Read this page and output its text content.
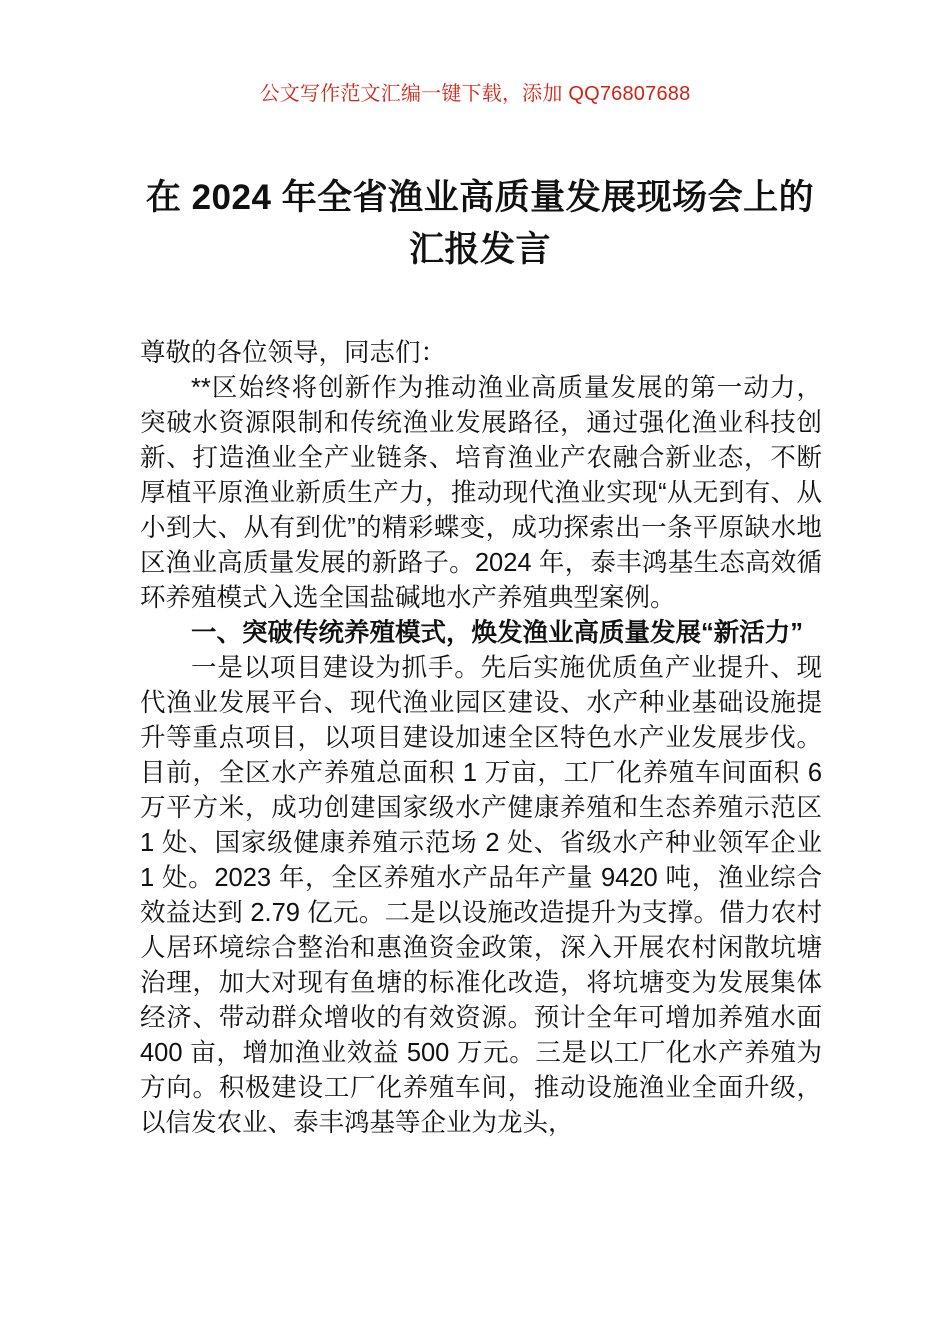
公文写作范文汇编一键下载，添加 QQ76807688
在 2024 年全省渔业高质量发展现场会上的 汇报发言

尊敬的各位领导，同志们：

**区始终将创新作为推动渔业高质量发展的第一动力，突破水资源限制和传统渔业发展路径，通过强化渔业科技创新、打造渔业全产业链条、培育渔业产农融合新业态，不断厚植平原渔业新质生产力，推动现代渔业实现“从无到有、从小到大、从有到优”的精彩蝶变，成功探索出一条平原缺水地区渔业高质量发展的新路子。2024 年，泰丰鸿基生态高效循环养殖模式入选全国盐碱地水产养殖典型案例。

一、突破传统养殖模式，焕发渔业高质量发展“新活力”

一是以项目建设为抓手。先后实施优质鱼产业提升、现代渔业发展平台、现代渔业园区建设、水产种业基础设施提升等重点项目，以项目建设加速全区特色水产业发展步伐。目前，全区水产养殖总面积 1 万亩，工厂化养殖车间面积 6 万平方米，成功创建国家级水产健康养殖和生态养殖示范区 1 处、国家级健康养殖示范场 2 处、省级水产种业领军企业 1 处。2023 年，全区养殖水产品年产量 9420 吨，渔业综合效益达到 2.79 亿元。二是以设施改造提升为支撑。借力农村人居环境综合整治和惠渔资金政策，深入开展农村闲散坑塘治理，加大对现有鱼塘的标准化改造，将坑塘变为发展集体经济、带动群众增收的有效资源。预计全年可增加养殖水面 400 亩，增加渔业效益 500 万元。三是以工厂化水产养殖为方向。积极建设工厂化养殖车间，推动设施渔业全面升级，以信发农业、泰丰鸿基等企业为龙头，
